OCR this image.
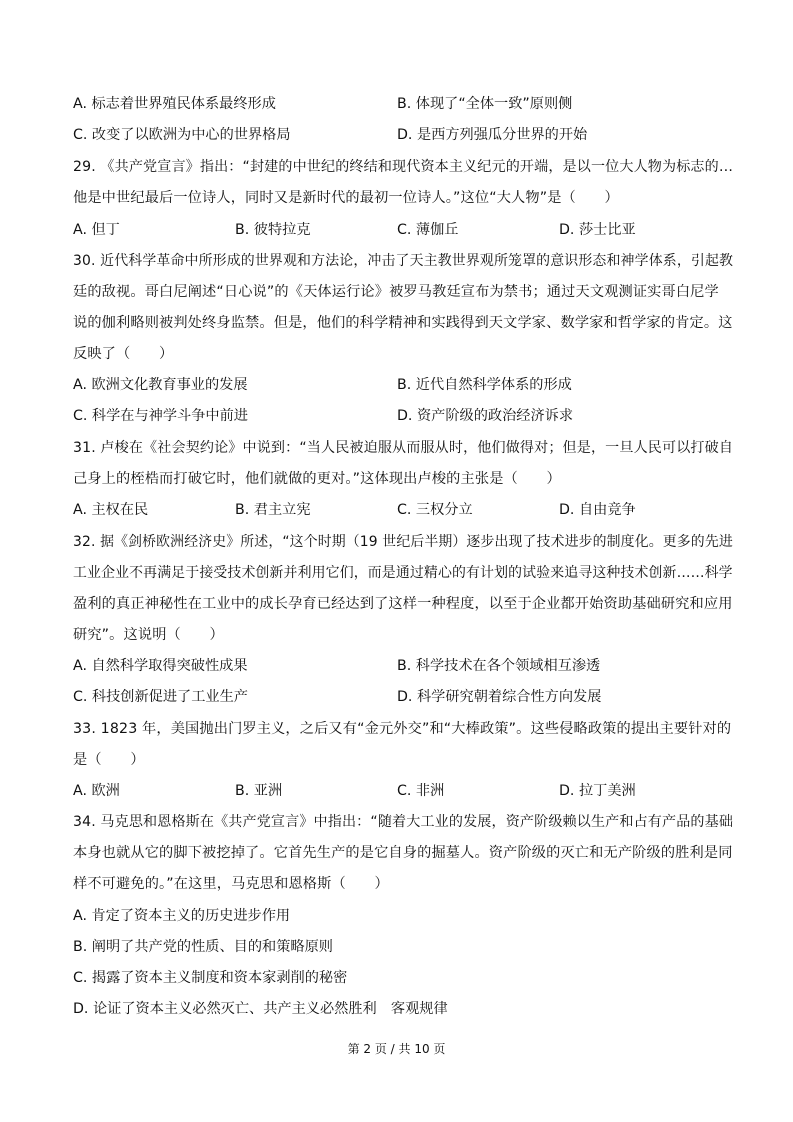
A. 标志着世界殖民体系最终形成	B. 体现了“全体一致”原则侧
C. 改变了以欧洲为中心的世界格局	D. 是西方列强瓜分世界的开始
29. 《共产党宣言》指出：“封建的中世纪的终结和现代资本主义纪元的开端，是以一位大人物为标志的…
他是中世纪最后一位诗人，同时又是新时代的最初一位诗人。”这位“大人物”是（　　）
A. 但丁	B. 彼特拉克	C. 薄伽丘	D. 莎士比亚
30. 近代科学革命中所形成的世界观和方法论，冲击了天主教世界观所笼罩的意识形态和神学体系，引起教
廷的敌视。哥白尼阐述“日心说”的《天体运行论》被罗马教廷宣布为禁书；通过天文观测证实哥白尼学
说的伽利略则被判处终身监禁。但是，他们的科学精神和实践得到天文学家、数学家和哲学家的肯定。这
反映了（　　）
A. 欧洲文化教育事业的发展	B. 近代自然科学体系的形成
C. 科学在与神学斗争中前进	D. 资产阶级的政治经济诉求
31. 卢梭在《社会契约论》中说到：“当人民被迫服从而服从时，他们做得对；但是，一旦人民可以打破自
己身上的桎梏而打破它时，他们就做的更对。”这体现出卢梭的主张是（　　）
A. 主权在民	B. 君主立宪	C. 三权分立	D. 自由竞争
32. 据《剑桥欧洲经济史》所述，“这个时期（19 世纪后半期）逐步出现了技术进步的制度化。更多的先进
工业企业不再满足于接受技术创新并利用它们，而是通过精心的有计划的试验来追寻这种技术创新……科学
盈利的真正神秘性在工业中的成长孕育已经达到了这样一种程度，以至于企业都开始资助基础研究和应用
研究”。这说明（　　）
A. 自然科学取得突破性成果	B. 科学技术在各个领域相互渗透
C. 科技创新促进了工业生产	D. 科学研究朝着综合性方向发展
33. 1823 年，美国抛出门罗主义，之后又有“金元外交”和“大棒政策”。这些侵略政策的提出主要针对的
是（　　）
A. 欧洲	B. 亚洲	C. 非洲	D. 拉丁美洲
34. 马克思和恩格斯在《共产党宣言》中指出：“随着大工业的发展，资产阶级赖以生产和占有产品的基础
本身也就从它的脚下被挖掉了。它首先生产的是它自身的掘墓人。资产阶级的灭亡和无产阶级的胜利是同
样不可避免的。”在这里，马克思和恩格斯（　　）
A. 肯定了资本主义的历史进步作用
B. 阐明了共产党的性质、目的和策略原则
C. 揭露了资本主义制度和资本家剥削的秘密
D. 论证了资本主义必然灭亡、共产主义必然胜利　客观规律
第 2 页 / 共 10 页
